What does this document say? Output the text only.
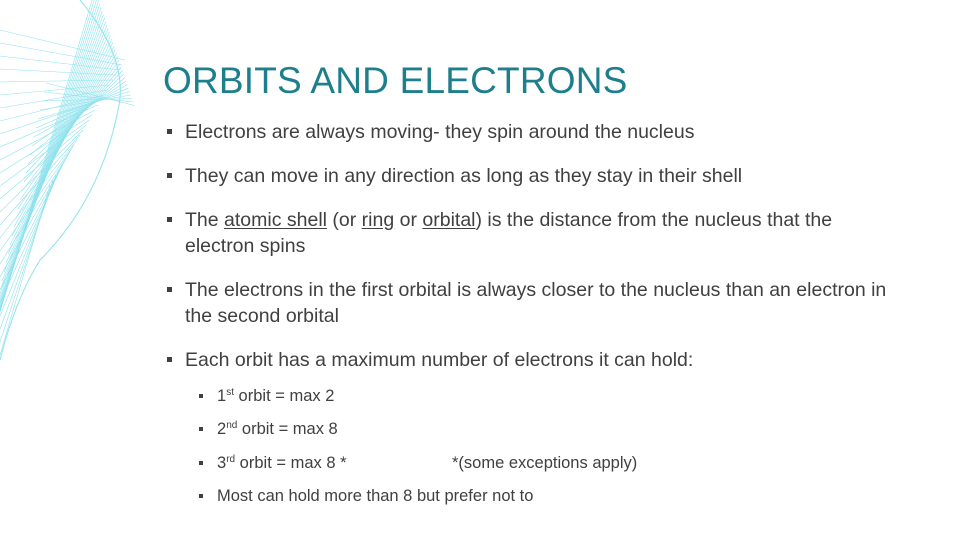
ORBITS AND ELECTRONS
Electrons are always moving- they spin around the nucleus
They can move in any direction as long as they stay in their shell
The atomic shell (or ring or orbital) is the distance from the nucleus that the electron spins
The electrons in the first orbital is always closer to the nucleus than an electron in the second orbital
Each orbit has a maximum number of electrons it can hold:
1st orbit = max 2
2nd orbit = max 8
3rd orbit = max 8 *	*(some exceptions apply)
Most can hold more than 8 but prefer not to
